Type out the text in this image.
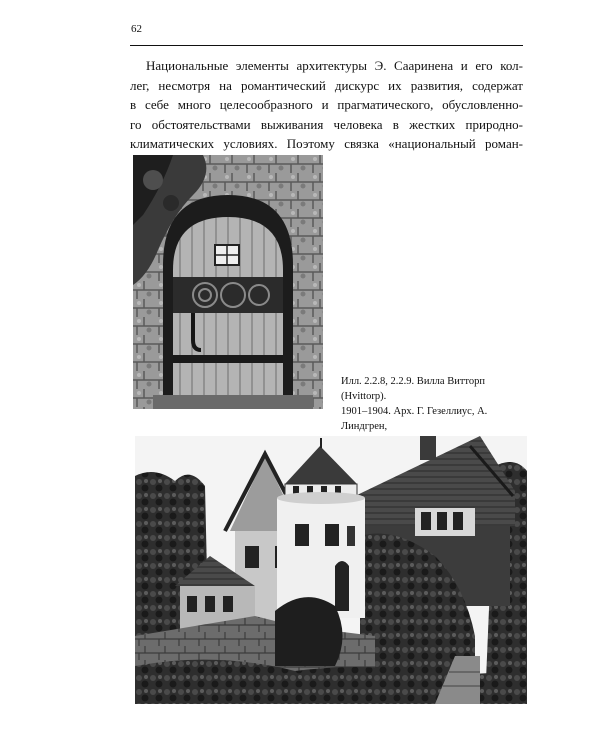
62

Национальные элементы архитектуры Э. Сааринена и его кол-
лег, несмотря на романтический дискурс их развития, содержат
в себе много целесообразного и прагматического, обусловленно-
го обстоятельствами выживания человека в жестких природно-
климатических условиях. Поэтому связка «национальный роман-

Илл. 2.2.8, 2.2.9. Вилла Витторп (Hvittorp).
1901–1904. Арх. Г. Гезеллиус, А. Линдгрен,
